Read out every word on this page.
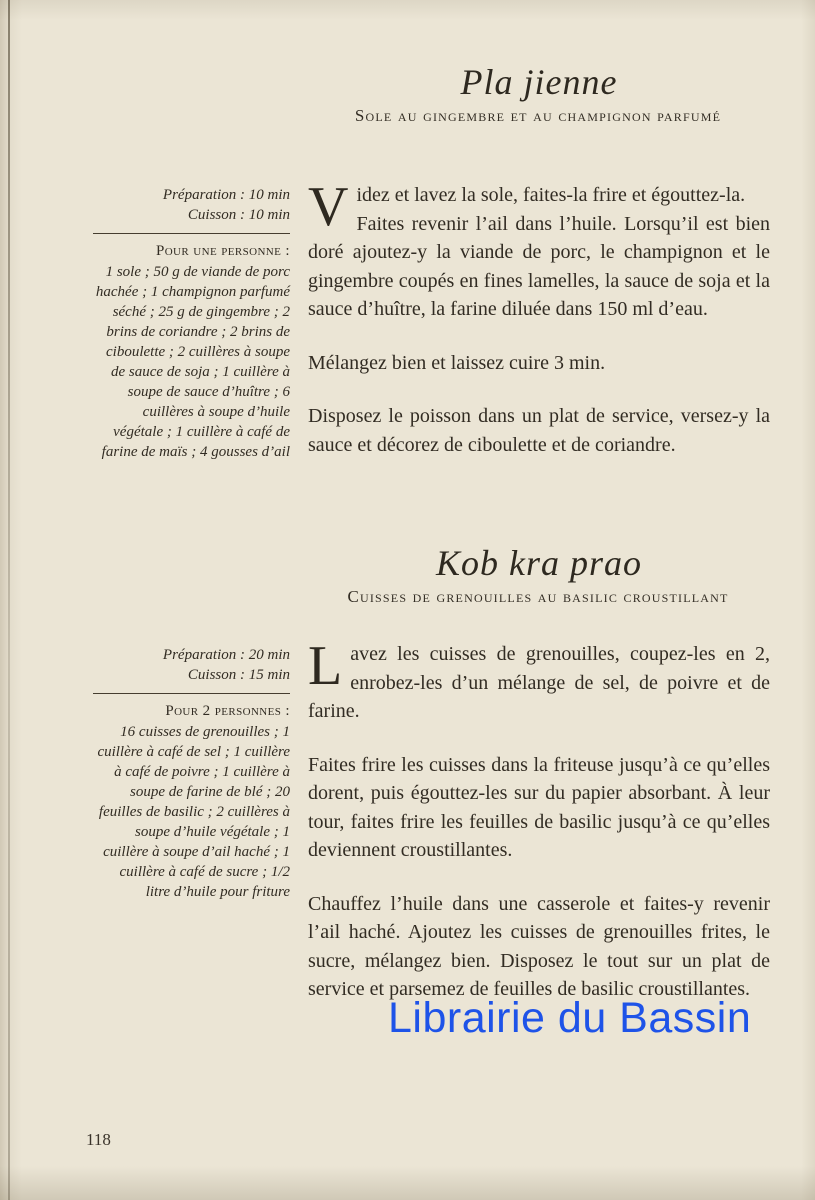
Pla jienne
Sole au gingembre et au champignon parfumé
Préparation : 10 min
Cuisson : 10 min
Pour une personne :
1 sole ; 50 g de viande de porc hachée ; 1 champignon parfumé séché ; 25 g de gingembre ; 2 brins de coriandre ; 2 brins de ciboulette ; 2 cuillères à soupe de sauce de soja ; 1 cuillère à soupe de sauce d’huître ; 6 cuillères à soupe d’huile végétale ; 1 cuillère à café de farine de maïs ; 4 gousses d’ail
Videz et lavez la sole, faites-la frire et égouttez-la.
Faites revenir l’ail dans l’huile. Lorsqu’il est bien doré ajoutez-y la viande de porc, le champignon et le gingembre coupés en fines lamelles, la sauce de soja et la sauce d’huître, la farine diluée dans 150 ml d’eau.
Mélangez bien et laissez cuire 3 min.
Disposez le poisson dans un plat de service, versez-y la sauce et décorez de ciboulette et de coriandre.
Kob kra prao
Cuisses de grenouilles au basilic croustillant
Préparation : 20 min
Cuisson : 15 min
Pour 2 personnes :
16 cuisses de grenouilles ; 1 cuillère à café de sel ; 1 cuillère à café de poivre ; 1 cuillère à soupe de farine de blé ; 20 feuilles de basilic ; 2 cuillères à soupe d’huile végétale ; 1 cuillère à soupe d’ail haché ; 1 cuillère à café de sucre ; 1/2 litre d’huile pour friture
Lavez les cuisses de grenouilles, coupez-les en 2, enrobez-les d’un mélange de sel, de poivre et de farine.
Faites frire les cuisses dans la friteuse jusqu’à ce qu’elles dorent, puis égouttez-les sur du papier absorbant. À leur tour, faites frire les feuilles de basilic jusqu’à ce qu’elles deviennent croustillantes.
Chauffez l’huile dans une casserole et faites-y revenir l’ail haché. Ajoutez les cuisses de grenouilles frites, le sucre, mélangez bien. Disposez le tout sur un plat de service et parsemez de feuilles de basilic croustillantes.
Librairie du Bassin
118
